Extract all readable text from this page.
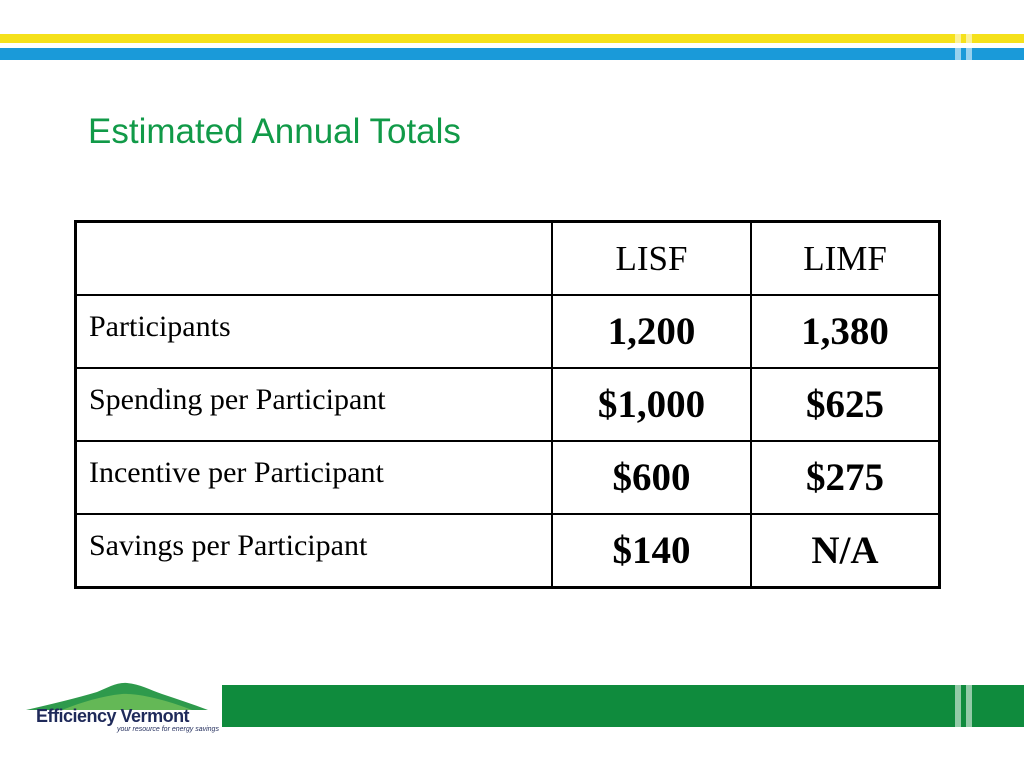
Estimated Annual Totals
	LISF	LIMF
Participants	1,200	1,380
Spending per Participant	$1,000	$625
Incentive per Participant	$600	$275
Savings per Participant	$140	N/A
Efficiency Vermont
your resource for energy savings
